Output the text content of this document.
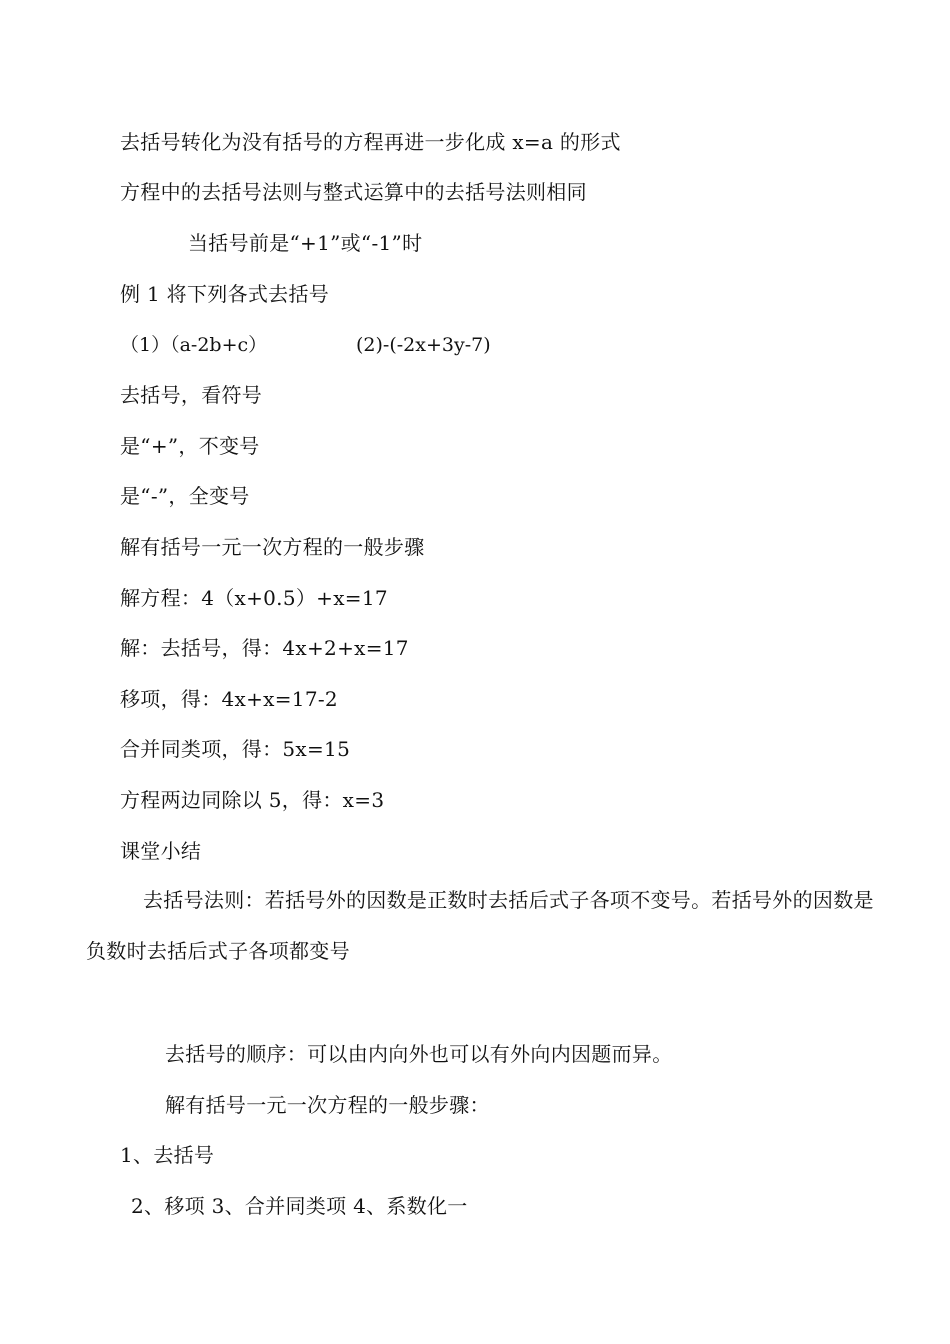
去括号转化为没有括号的方程再进一步化成 x=a 的形式
方程中的去括号法则与整式运算中的去括号法则相同
当括号前是“+1”或“-1”时
例 1 将下列各式去括号
（1）（a-2b+c）	(2)-(-2x+3y-7)
去括号，看符号
是“+”，不变号
是“-”，全变号
解有括号一元一次方程的一般步骤
解方程：4（x+0.5）+x=17
解：去括号，得：4x+2+x=17
移项，得：4x+x=17-2
合并同类项，得：5x=15
方程两边同除以 5，得：x=3
课堂小结
去括号法则：若括号外的因数是正数时去括后式子各项不变号。若括号外的因数是负数时去括后式子各项都变号
去括号的顺序：可以由内向外也可以有外向内因题而异。
解有括号一元一次方程的一般步骤：
1、去括号
2、移项 3、合并同类项 4、系数化一
